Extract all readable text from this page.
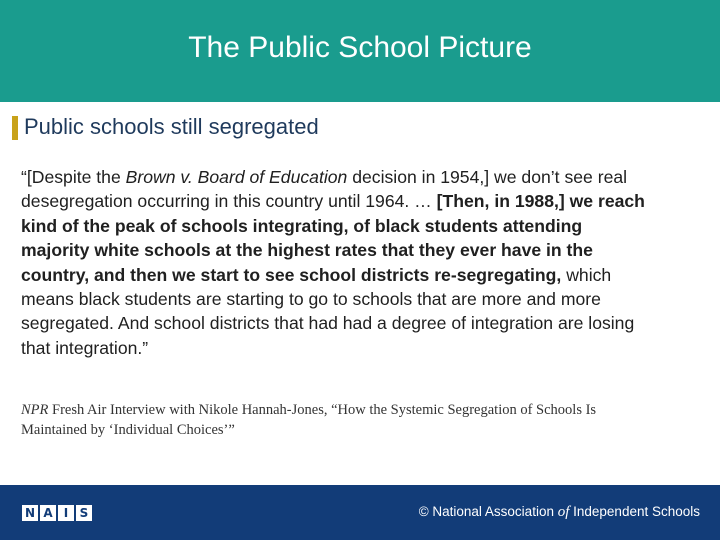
The Public School Picture
Public schools still segregated
“[Despite the Brown v. Board of Education decision in 1954,] we don’t see real desegregation occurring in this country until 1964. … [Then, in 1988,] we reach kind of the peak of schools integrating, of black students attending majority white schools at the highest rates that they ever have in the country, and then we start to see school districts re-segregating, which means black students are starting to go to schools that are more and more segregated. And school districts that had had a degree of integration are losing that integration.”
NPR Fresh Air Interview with Nikole Hannah-Jones, “How the Systemic Segregation of Schools Is Maintained by ‘Individual Choices’”
N A I S	© National Association of Independent Schools
